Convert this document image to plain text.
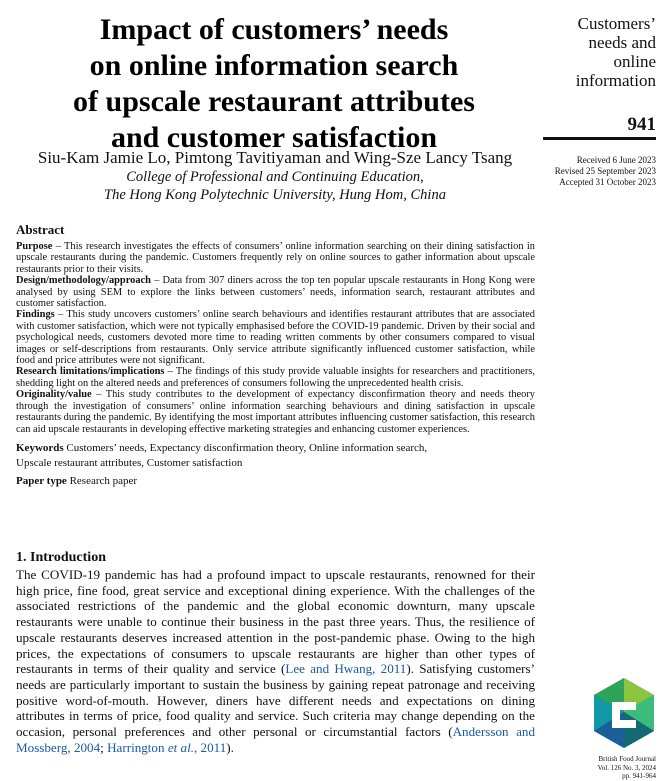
Impact of customers’ needs
on online information search
of upscale restaurant attributes
and customer satisfaction
Siu-Kam Jamie Lo, Pimtong Tavitiyaman and Wing-Sze Lancy Tsang
College of Professional and Continuing Education,
The Hong Kong Polytechnic University, Hung Hom, China
Customers’
needs and
online
information
941
Received 6 June 2023
Revised 25 September 2023
Accepted 31 October 2023
Abstract
Purpose – This research investigates the effects of consumers’ online information searching on their dining satisfaction in upscale restaurants during the pandemic. Customers frequently rely on online sources to gather information about upscale restaurants prior to their visits.
Design/methodology/approach – Data from 307 diners across the top ten popular upscale restaurants in Hong Kong were analysed by using SEM to explore the links between customers’ needs, information search, restaurant attributes and customer satisfaction.
Findings – This study uncovers customers’ online search behaviours and identifies restaurant attributes that are associated with customer satisfaction, which were not typically emphasised before the COVID-19 pandemic. Driven by their social and psychological needs, customers devoted more time to reading written comments by other consumers compared to visual images or self-descriptions from restaurants. Only service attribute significantly influenced customer satisfaction, while food and price attributes were not significant.
Research limitations/implications – The findings of this study provide valuable insights for researchers and practitioners, shedding light on the altered needs and preferences of consumers following the unprecedented health crisis.
Originality/value – This study contributes to the development of expectancy disconfirmation theory and needs theory through the investigation of consumers’ online information searching behaviours and dining satisfaction in upscale restaurants during the pandemic. By identifying the most important attributes influencing customer satisfaction, this research can aid upscale restaurants in developing effective marketing strategies and enhancing customer experiences.
Keywords Customers’ needs, Expectancy disconfirmation theory, Online information search,
Upscale restaurant attributes, Customer satisfaction
Paper type Research paper
1. Introduction
The COVID-19 pandemic has had a profound impact to upscale restaurants, renowned for their high price, fine food, great service and exceptional dining experience. With the challenges of the associated restrictions of the pandemic and the global economic downturn, many upscale restaurants were unable to continue their business in the past three years. Thus, the resilience of upscale restaurants deserves increased attention in the post-pandemic phase. Owing to the high prices, the expectations of consumers to upscale restaurants are higher than other types of restaurants in terms of their quality and service (Lee and Hwang, 2011). Satisfying customers’ needs are particularly important to sustain the business by gaining repeat patronage and receiving positive word-of-mouth. However, diners have different needs and expectations on dining attributes in terms of price, food quality and service. Such criteria may change depending on the occasion, personal preferences and other personal or circumstantial factors (Andersson and Mossberg, 2004; Harrington et al., 2011).
British Food Journal
Vol. 126 No. 3, 2024
pp. 941-964
